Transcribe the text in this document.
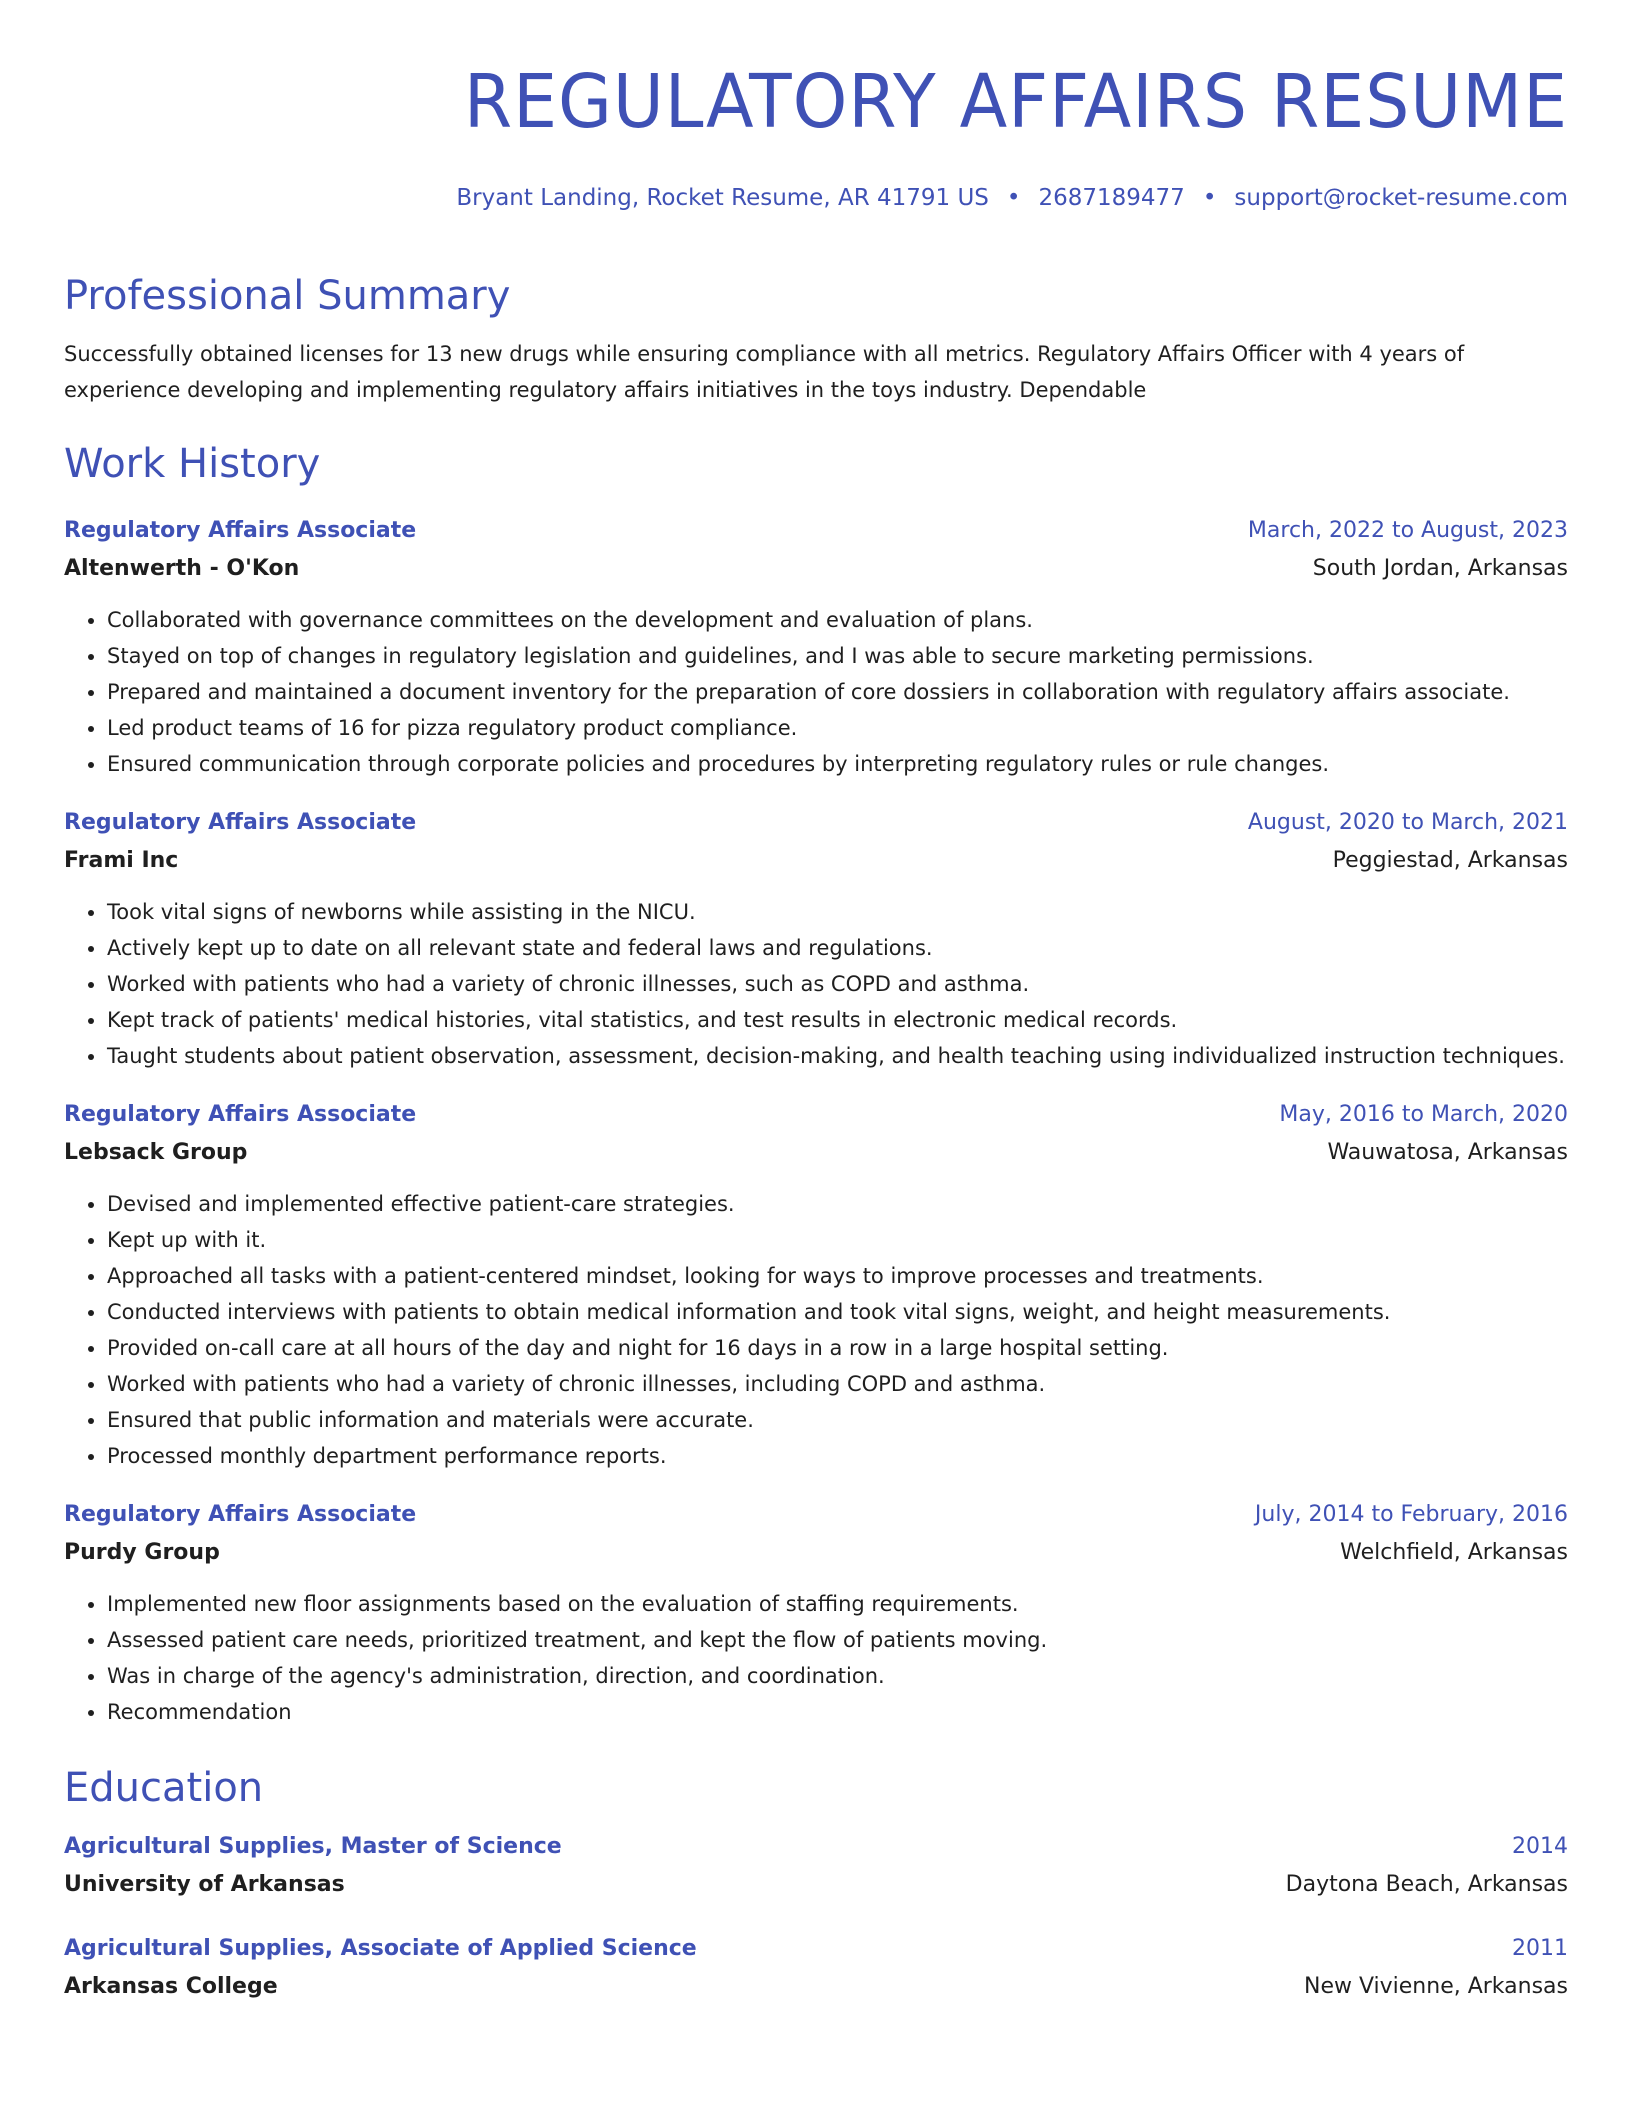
REGULATORY AFFAIRS RESUME
Bryant Landing, Rocket Resume, AR 41791 US • 2687189477 • support@rocket-resume.com
Professional Summary
Successfully obtained licenses for 13 new drugs while ensuring compliance with all metrics. Regulatory Affairs Officer with 4 years of experience developing and implementing regulatory affairs initiatives in the toys industry. Dependable
Work History
Regulatory Affairs Associate	March, 2022 to August, 2023
Altenwerth - O'Kon	South Jordan, Arkansas
• Collaborated with governance committees on the development and evaluation of plans.
• Stayed on top of changes in regulatory legislation and guidelines, and I was able to secure marketing permissions.
• Prepared and maintained a document inventory for the preparation of core dossiers in collaboration with regulatory affairs associate.
• Led product teams of 16 for pizza regulatory product compliance.
• Ensured communication through corporate policies and procedures by interpreting regulatory rules or rule changes.
Regulatory Affairs Associate	August, 2020 to March, 2021
Frami Inc	Peggiestad, Arkansas
• Took vital signs of newborns while assisting in the NICU.
• Actively kept up to date on all relevant state and federal laws and regulations.
• Worked with patients who had a variety of chronic illnesses, such as COPD and asthma.
• Kept track of patients' medical histories, vital statistics, and test results in electronic medical records.
• Taught students about patient observation, assessment, decision-making, and health teaching using individualized instruction techniques.
Regulatory Affairs Associate	May, 2016 to March, 2020
Lebsack Group	Wauwatosa, Arkansas
• Devised and implemented effective patient-care strategies.
• Kept up with it.
• Approached all tasks with a patient-centered mindset, looking for ways to improve processes and treatments.
• Conducted interviews with patients to obtain medical information and took vital signs, weight, and height measurements.
• Provided on-call care at all hours of the day and night for 16 days in a row in a large hospital setting.
• Worked with patients who had a variety of chronic illnesses, including COPD and asthma.
• Ensured that public information and materials were accurate.
• Processed monthly department performance reports.
Regulatory Affairs Associate	July, 2014 to February, 2016
Purdy Group	Welchfield, Arkansas
• Implemented new floor assignments based on the evaluation of staffing requirements.
• Assessed patient care needs, prioritized treatment, and kept the flow of patients moving.
• Was in charge of the agency's administration, direction, and coordination.
• Recommendation
Education
Agricultural Supplies, Master of Science	2014
University of Arkansas	Daytona Beach, Arkansas
Agricultural Supplies, Associate of Applied Science	2011
Arkansas College	New Vivienne, Arkansas
